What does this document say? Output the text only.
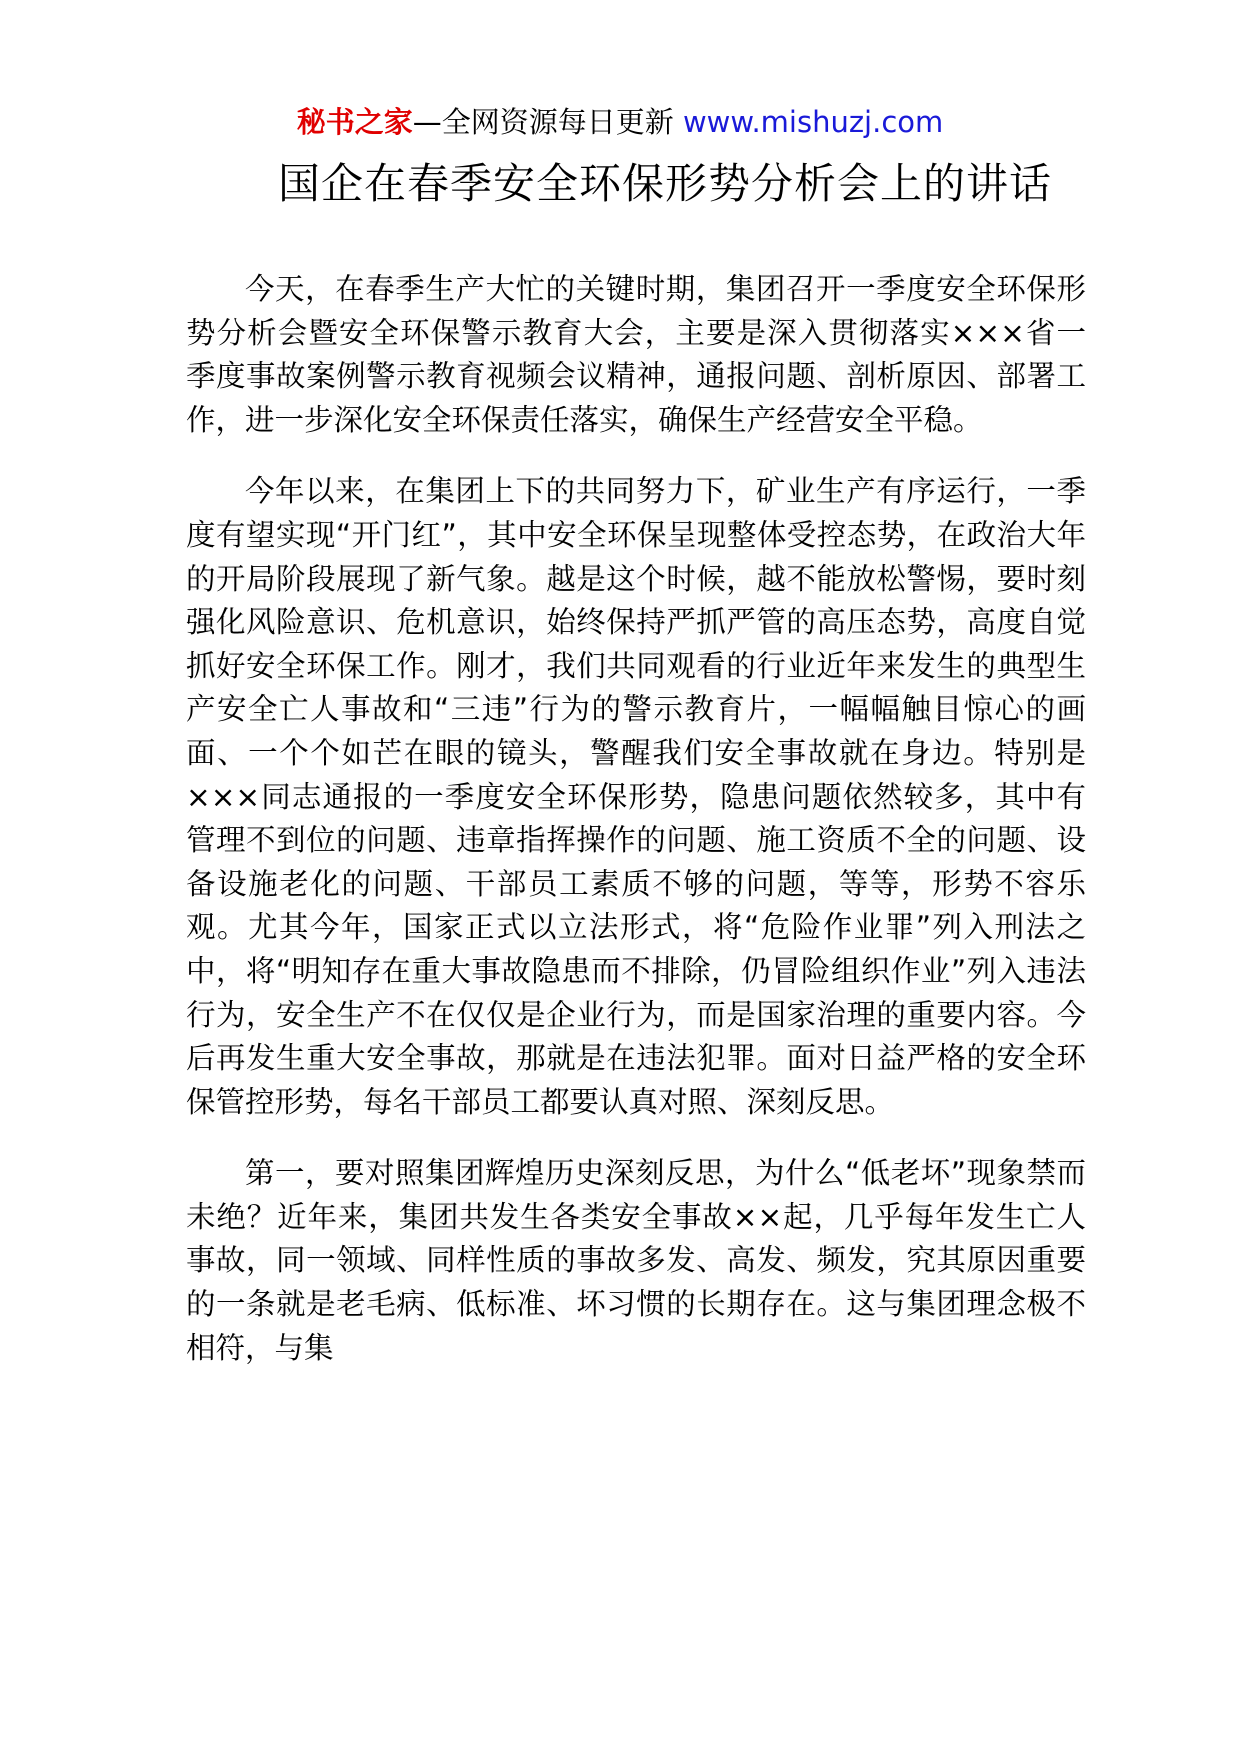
秘书之家—全网资源每日更新 www.mishuzj.com
国企在春季安全环保形势分析会上的讲话

今天，在春季生产大忙的关键时期，集团召开一季度安全环保形势分析会暨安全环保警示教育大会，主要是深入贯彻落实×××省一季度事故案例警示教育视频会议精神，通报问题、剖析原因、部署工作，进一步深化安全环保责任落实，确保生产经营安全平稳。

今年以来，在集团上下的共同努力下，矿业生产有序运行，一季度有望实现“开门红”，其中安全环保呈现整体受控态势，在政治大年的开局阶段展现了新气象。越是这个时候，越不能放松警惕，要时刻强化风险意识、危机意识，始终保持严抓严管的高压态势，高度自觉抓好安全环保工作。刚才，我们共同观看的行业近年来发生的典型生产安全亡人事故和“三违”行为的警示教育片，一幅幅触目惊心的画面、一个个如芒在眼的镜头，警醒我们安全事故就在身边。特别是×××同志通报的一季度安全环保形势，隐患问题依然较多，其中有管理不到位的问题、违章指挥操作的问题、施工资质不全的问题、设备设施老化的问题、干部员工素质不够的问题，等等，形势不容乐观。尤其今年，国家正式以立法形式，将“危险作业罪”列入刑法之中，将“明知存在重大事故隐患而不排除，仍冒险组织作业”列入违法行为，安全生产不在仅仅是企业行为，而是国家治理的重要内容。今后再发生重大安全事故，那就是在违法犯罪。面对日益严格的安全环保管控形势，每名干部员工都要认真对照、深刻反思。

第一，要对照集团辉煌历史深刻反思，为什么“低老坏”现象禁而未绝？近年来，集团共发生各类安全事故××起，几乎每年发生亡人事故，同一领域、同样性质的事故多发、高发、频发，究其原因重要的一条就是老毛病、低标准、坏习惯的长期存在。这与集团理念极不相符，与集
